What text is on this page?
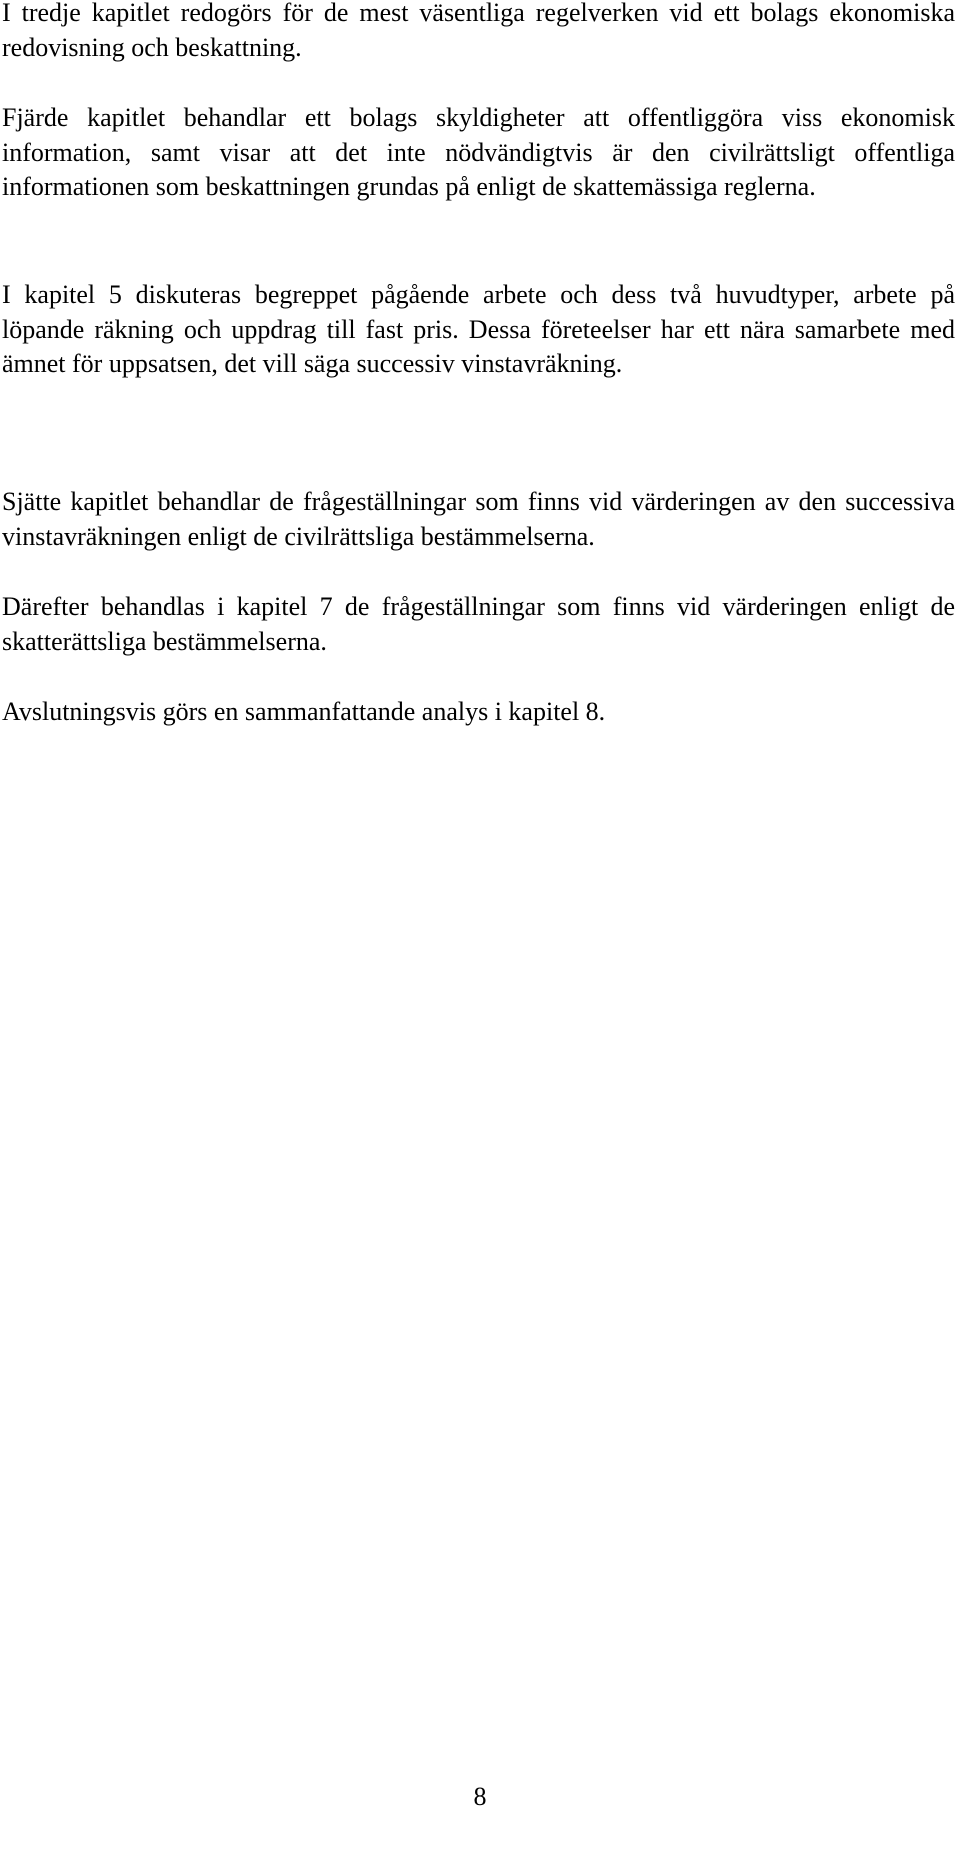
I tredje kapitlet redogörs för de mest väsentliga regelverken vid ett bolags ekonomiska redovisning och beskattning.

Fjärde kapitlet behandlar ett bolags skyldigheter att offentliggöra viss ekonomisk information, samt visar att det inte nödvändigtvis är den civilrättsligt offentliga informationen som beskattningen grundas på enligt de skattemässiga reglerna.

I kapitel 5 diskuteras begreppet pågående arbete och dess två huvudtyper, arbete på löpande räkning och uppdrag till fast pris. Dessa företeelser har ett nära samarbete med ämnet för uppsatsen, det vill säga successiv vinstavräkning.

Sjätte kapitlet behandlar de frågeställningar som finns vid värderingen av den successiva vinstavräkningen enligt de civilrättsliga bestämmelserna.

Därefter behandlas i kapitel 7 de frågeställningar som finns vid värderingen enligt de skatterättsliga bestämmelserna.

Avslutningsvis görs en sammanfattande analys i kapitel 8.

8
